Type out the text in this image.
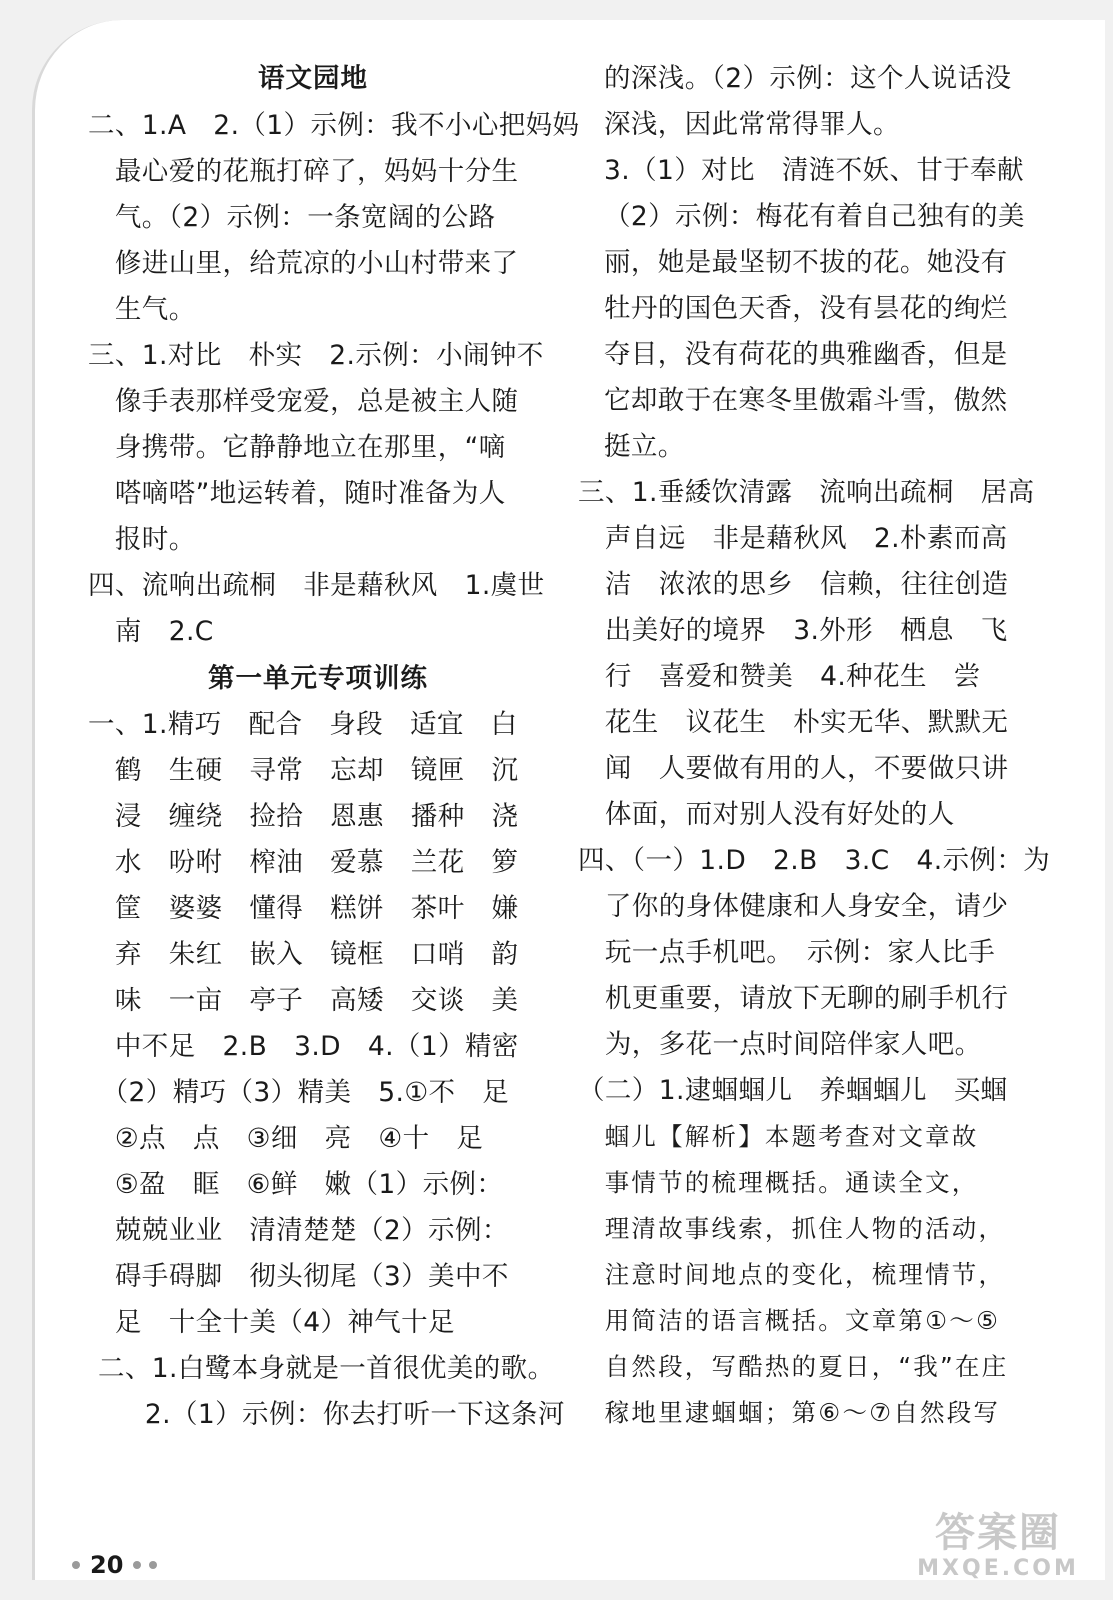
语文园地
二、1.A　2.（1）示例：我不小心把妈妈
　最心爱的花瓶打碎了，妈妈十分生
　气。（2）示例：一条宽阔的公路
　修进山里，给荒凉的小山村带来了
　生气。
三、1.对比　朴实　2.示例：小闹钟不
　像手表那样受宠爱，总是被主人随
　身携带。它静静地立在那里，“嘀
　嗒嘀嗒”地运转着，随时准备为人
　报时。
四、流响出疏桐　非是藉秋风　1.虞世
　南　2.C
第一单元专项训练
一、1.精巧　配合　身段　适宜　白
　鹤　生硬　寻常　忘却　镜匣　沉
　浸　缠绕　捡拾　恩惠　播种　浇
　水　吩咐　榨油　爱慕　兰花　箩
　筐　婆婆　懂得　糕饼　茶叶　嫌
　弃　朱红　嵌入　镜框　口哨　韵
　味　一亩　亭子　高矮　交谈　美
　中不足　2.B　3.D　4.（1）精密
　（2）精巧（3）精美　5.①不　足
　②点　点　③细　亮　④十　足
　⑤盈　眶　⑥鲜　嫩（1）示例：
　兢兢业业　清清楚楚（2）示例：
　碍手碍脚　彻头彻尾（3）美中不
　足　十全十美（4）神气十足
二、1.白鹭本身就是一首很优美的歌。
　2.（1）示例：你去打听一下这条河
的深浅。（2）示例：这个人说话没
深浅，因此常常得罪人。
3.（1）对比　清涟不妖、甘于奉献
（2）示例：梅花有着自己独有的美
丽，她是最坚韧不拔的花。她没有
牡丹的国色天香，没有昙花的绚烂
夺目，没有荷花的典雅幽香，但是
它却敢于在寒冬里傲霜斗雪，傲然
挺立。
三、1.垂緌饮清露　流响出疏桐　居高
　声自远　非是藉秋风　2.朴素而高
　洁　浓浓的思乡　信赖，往往创造
　出美好的境界　3.外形　栖息　飞
　行　喜爱和赞美　4.种花生　尝
　花生　议花生　朴实无华、默默无
　闻　人要做有用的人，不要做只讲
　体面，而对别人没有好处的人
四、（一）1.D　2.B　3.C　4.示例：为
　了你的身体健康和人身安全，请少
　玩一点手机吧。　示例：家人比手
　机更重要，请放下无聊的刷手机行
　为，多花一点时间陪伴家人吧。
（二）1.逮蝈蝈儿　养蝈蝈儿　买蝈
　蝈儿【解析】本题考查对文章故
　事情节的梳理概括。通读全文，
　理清故事线索，抓住人物的活动，
　注意时间地点的变化，梳理情节，
　用简洁的语言概括。文章第①～⑤
　自然段，写酷热的夏日，“我”在庄
　稼地里逮蝈蝈；第⑥～⑦自然段写
20
答案圈
MXQE.COM
